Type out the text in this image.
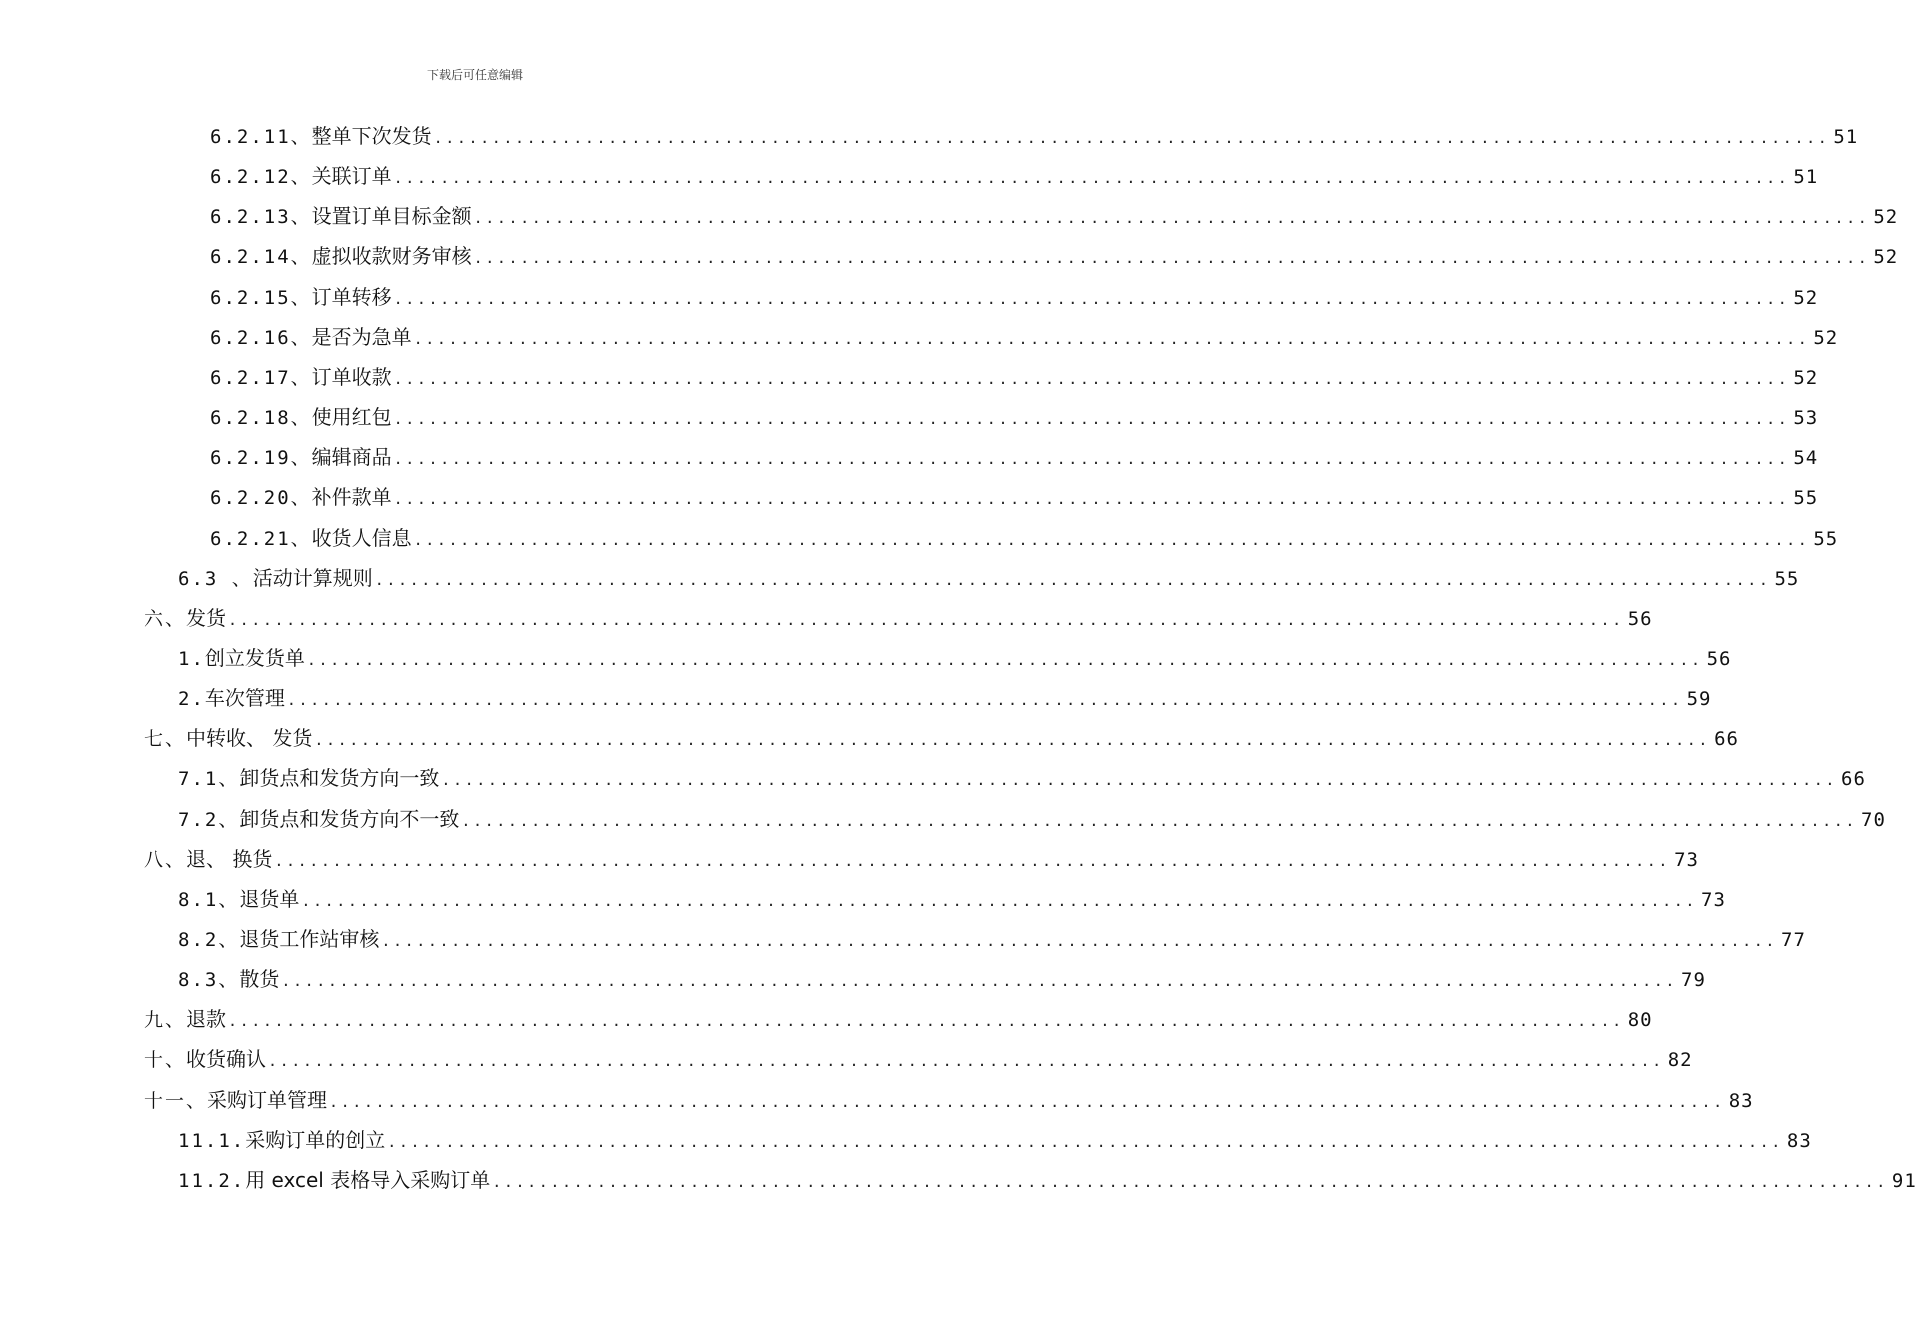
下载后可任意编辑
6.2.11、 整单下次发货 ........................................................................................................................ 51
6.2.12、 关联订单 ........................................................................................................................ 51
6.2.13、 设置订单目标金额 ........................................................................................................................ 52
6.2.14、 虚拟收款财务审核 ........................................................................................................................ 52
6.2.15、 订单转移 ........................................................................................................................ 52
6.2.16、 是否为急单 ........................................................................................................................ 52
6.2.17、 订单收款 ........................................................................................................................ 52
6.2.18、 使用红包 ........................................................................................................................ 53
6.2.19、 编辑商品 ........................................................................................................................ 54
6.2.20、 补件款单 ........................................................................................................................ 55
6.2.21、 收货人信息 ........................................................................................................................ 55
6.3 、 活动计算规则 ........................................................................................................................ 55
六、 发货 ........................................................................................................................ 56
1. 创立发货单 ........................................................................................................................ 56
2. 车次管理 ........................................................................................................................ 59
七、 中转收、 发货 ........................................................................................................................ 66
7.1、 卸货点和发货方向一致 ........................................................................................................................ 66
7.2、 卸货点和发货方向不一致 ........................................................................................................................ 70
八、 退、 换货 ........................................................................................................................ 73
8.1、 退货单 ........................................................................................................................ 73
8.2、 退货工作站审核 ........................................................................................................................ 77
8.3、 散货 ........................................................................................................................ 79
九、 退款 ........................................................................................................................ 80
十、 收货确认 ........................................................................................................................ 82
十一、 采购订单管理 ........................................................................................................................ 83
11.1. 采购订单的创立 ........................................................................................................................ 83
11.2. 用 excel 表格导入采购订单 ........................................................................................................................ 91
